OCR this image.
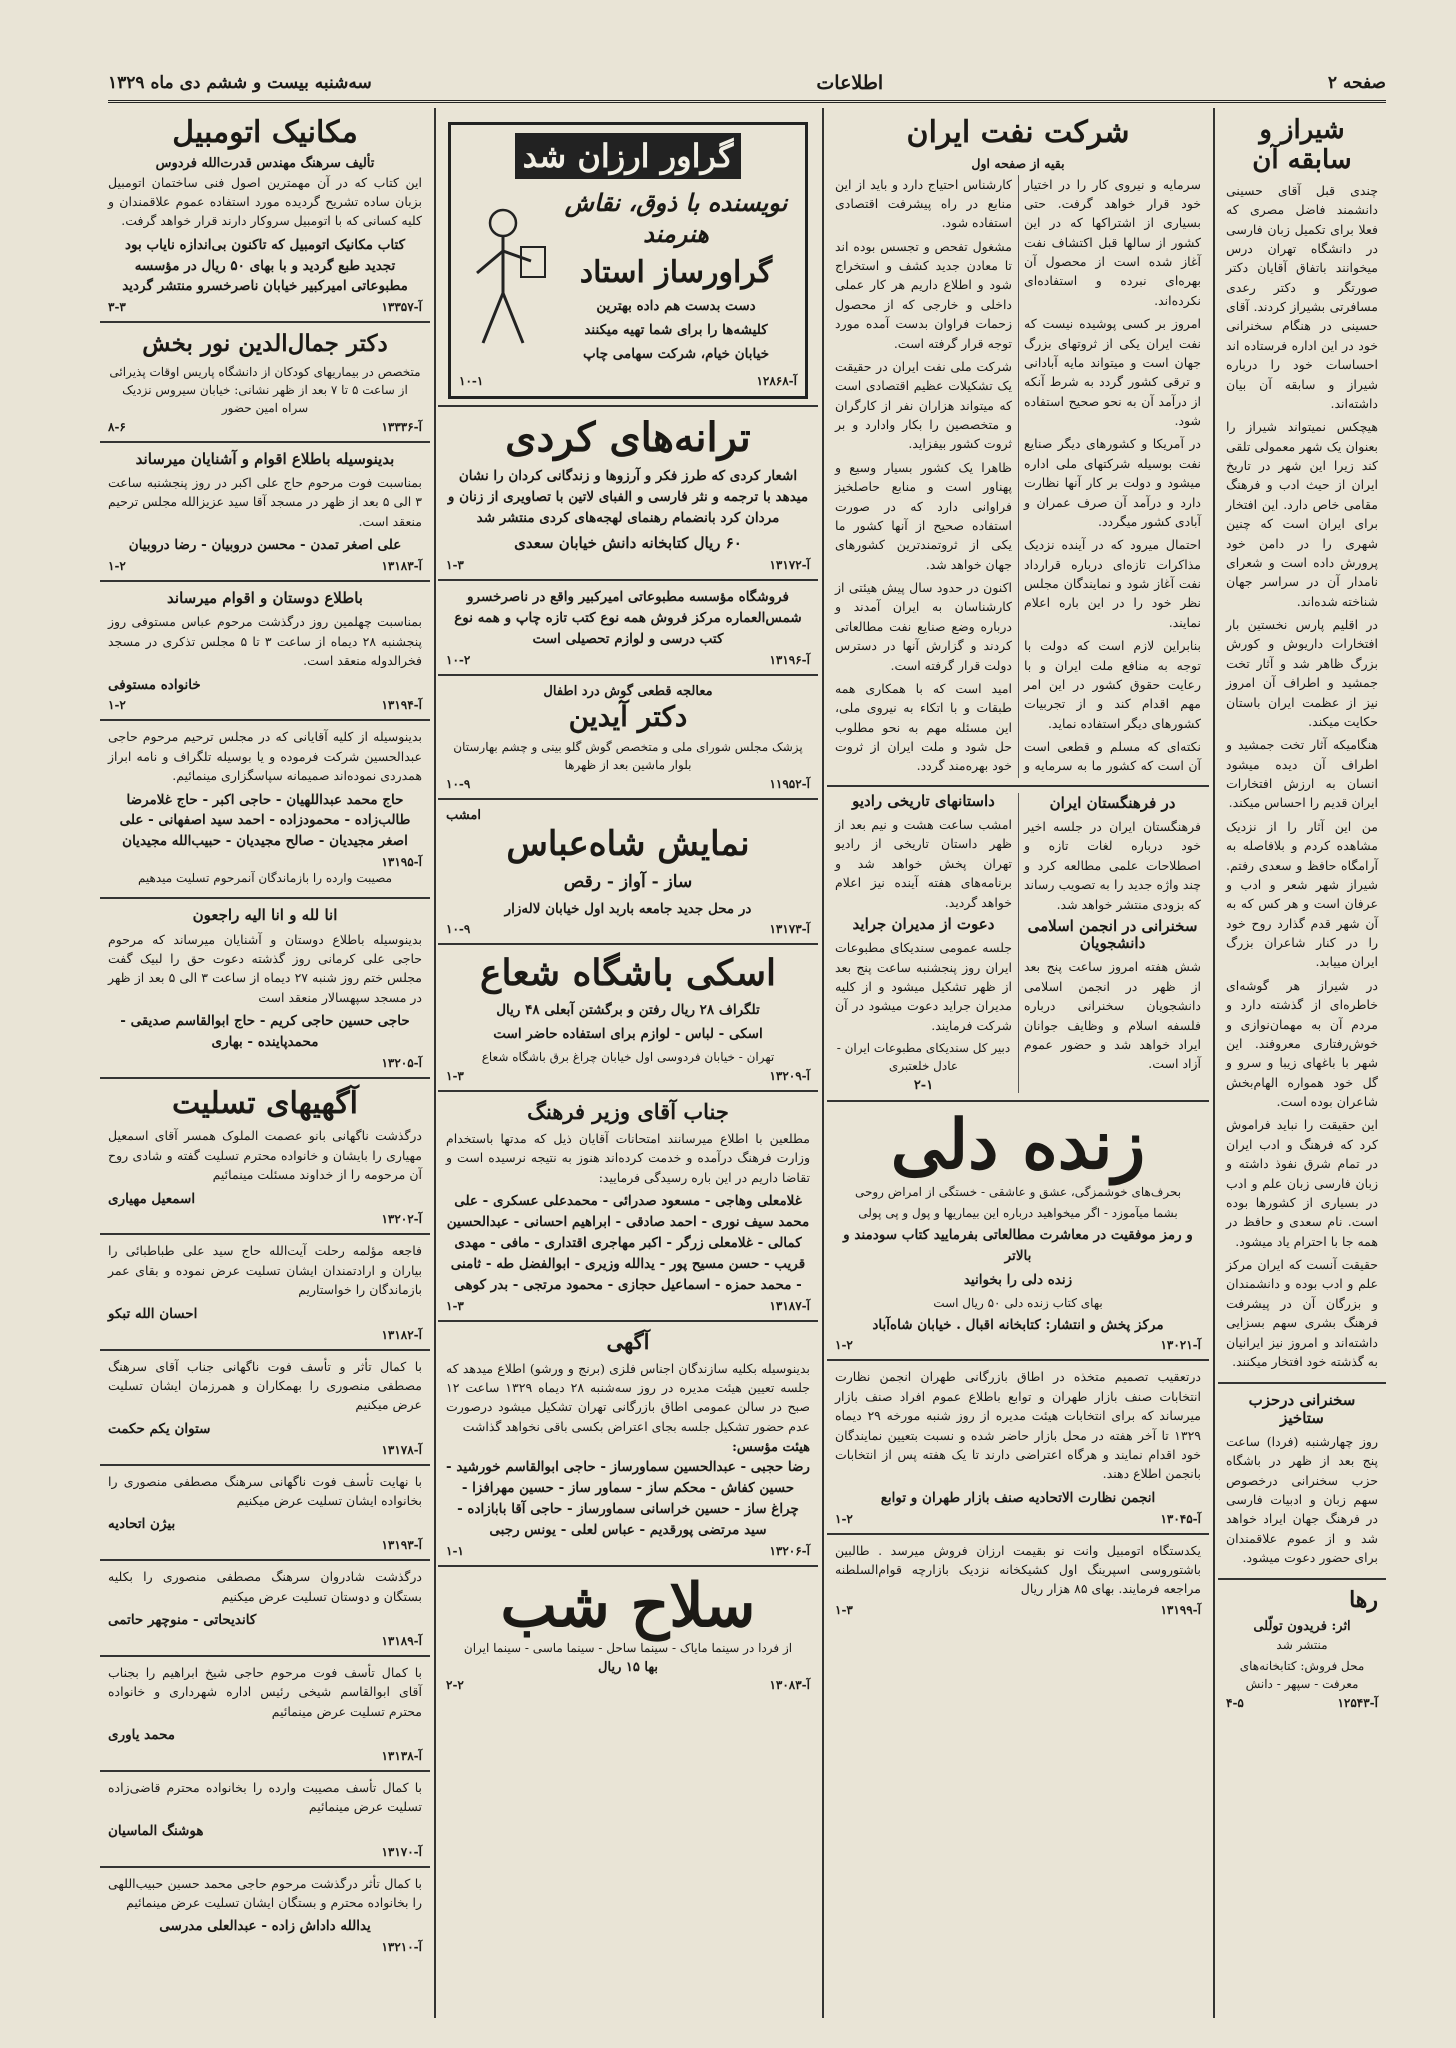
صفحه ۲
اطلاعات
سه‌شنبه بیست و ششم دی ماه ۱۳۲۹
شیراز و سابقه آن

چندی قبل آقای حسینی دانشمند فاضل مصری که فعلا برای تکمیل زبان فارسی در دانشگاه تهران درس میخوانند باتفاق آقایان دکتر صورتگر و دکتر رعدی مسافرتی بشیراز کردند. آقای حسینی در هنگام سخنرانی خود در این اداره فرستاده اند احساسات خود را درباره شیراز و سابقه آن بیان داشته‌اند.

هیچکس نمیتواند شیراز را بعنوان یک شهر معمولی تلقی کند زیرا این شهر در تاریخ ایران از حیث ادب و فرهنگ مقامی خاص دارد. این افتخار برای ایران است که چنین شهری را در دامن خود پرورش داده است و شعرای نامدار آن در سراسر جهان شناخته شده‌اند.

در اقلیم پارس نخستین بار افتخارات داریوش و کورش بزرگ ظاهر شد و آثار تخت جمشید و اطراف آن امروز نیز از عظمت ایران باستان حکایت میکند.

هنگامیکه آثار تخت جمشید و اطراف آن دیده میشود انسان به ارزش افتخارات ایران قدیم را احساس میکند.

من این آثار را از نزدیک مشاهده کردم و بلافاصله به آرامگاه حافظ و سعدی رفتم. شیراز شهر شعر و ادب و عرفان است و هر کس که به آن شهر قدم گذارد روح خود را در کنار شاعران بزرگ ایران مییابد.

در شیراز هر گوشه‌ای خاطره‌ای از گذشته دارد و مردم آن به مهمان‌نوازی و خوش‌رفتاری معروفند. این شهر با باغهای زیبا و سرو و گل خود همواره الهام‌بخش شاعران بوده است.

این حقیقت را نباید فراموش کرد که فرهنگ و ادب ایران در تمام شرق نفوذ داشته و زبان فارسی زبان علم و ادب در بسیاری از کشورها بوده است. نام سعدی و حافظ در همه جا با احترام یاد میشود.

حقیقت آنست که ایران مرکز علم و ادب بوده و دانشمندان و بزرگان آن در پیشرفت فرهنگ بشری سهم بسزایی داشته‌اند و امروز نیز ایرانیان به گذشته خود افتخار میکنند.

سخنرانی درحزب ستاخیز

روز چهارشنبه (فردا) ساعت پنج بعد از ظهر در باشگاه حزب سخنرانی درخصوص سهم زبان و ادبیات فارسی در فرهنگ جهان ایراد خواهد شد و از عموم علاقمندان برای حضور دعوت میشود.

رها
اثر: فریدون تولّلی
منتشر شد
محل فروش: کتابخانه‌های معرفت - سپهر - دانش
آ-۱۲۵۴۳
۴-۵
شرکت نفت ایران
بقیه از صفحه اول

سرمایه و نیروی کار را در اختیار خود قرار خواهد گرفت. حتی بسیاری از اشتراکها که در این کشور از سالها قبل اکتشاف نفت آغاز شده است از محصول آن بهره‌ای نبرده و استفاده‌ای نکرده‌اند.

امروز بر کسی پوشیده نیست که نفت ایران یکی از ثروتهای بزرگ جهان است و میتواند مایه آبادانی و ترقی کشور گردد به شرط آنکه از درآمد آن به نحو صحیح استفاده شود.

در آمریکا و کشورهای دیگر صنایع نفت بوسیله شرکتهای ملی اداره میشود و دولت بر کار آنها نظارت دارد و درآمد آن صرف عمران و آبادی کشور میگردد.

احتمال میرود که در آینده نزدیک مذاکرات تازه‌ای درباره قرارداد نفت آغاز شود و نمایندگان مجلس نظر خود را در این باره اعلام نمایند.

بنابراین لازم است که دولت با توجه به منافع ملت ایران و با رعایت حقوق کشور در این امر مهم اقدام کند و از تجربیات کشورهای دیگر استفاده نماید.

نکته‌ای که مسلم و قطعی است آن است که کشور ما به سرمایه و کارشناس احتیاج دارد و باید از این منابع در راه پیشرفت اقتصادی استفاده شود.

مشغول تفحص و تجسس بوده اند تا معادن جدید کشف و استخراج شود و اطلاع داریم هر کار عملی داخلی و خارجی که از محصول زحمات فراوان بدست آمده مورد توجه قرار گرفته است.

شرکت ملی نفت ایران در حقیقت یک تشکیلات عظیم اقتصادی است که میتواند هزاران نفر از کارگران و متخصصین را بکار وادارد و بر ثروت کشور بیفزاید.

ظاهرا یک کشور بسیار وسیع و پهناور است و منابع حاصلخیز فراوانی دارد که در صورت استفاده صحیح از آنها کشور ما یکی از ثروتمندترین کشورهای جهان خواهد شد.

اکنون در حدود سال پیش هیئتی از کارشناسان به ایران آمدند و درباره وضع صنایع نفت مطالعاتی کردند و گزارش آنها در دسترس دولت قرار گرفته است.

امید است که با همکاری همه طبقات و با اتکاء به نیروی ملی، این مسئله مهم به نحو مطلوب حل شود و ملت ایران از ثروت خود بهره‌مند گردد.

در فرهنگستان ایران

فرهنگستان ایران در جلسه اخیر خود درباره لغات تازه و اصطلاحات علمی مطالعه کرد و چند واژه جدید را به تصویب رساند که بزودی منتشر خواهد شد.

سخنرانی در انجمن اسلامی دانشجویان

شش هفته امروز ساعت پنج بعد از ظهر در انجمن اسلامی دانشجویان سخنرانی درباره فلسفه اسلام و وظایف جوانان ایراد خواهد شد و حضور عموم آزاد است.

داستانهای تاریخی رادیو

امشب ساعت هشت و نیم بعد از ظهر داستان تاریخی از رادیو تهران پخش خواهد شد و برنامه‌های هفته آینده نیز اعلام خواهد گردید.

دعوت از مدیران جراید

جلسه عمومی سندیکای مطبوعات ایران روز پنجشنبه ساعت پنج بعد از ظهر تشکیل میشود و از کلیه مدیران جراید دعوت میشود در آن شرکت فرمایند.

دبیر کل سندیکای مطبوعات ایران - عادل خلعتبری
۲-۱
زنده دلی
بحرف‌های خوشمزگی، عشق و عاشقی - خستگی از امراض روحی
بشما میآموزد - اگر میخواهید درباره این بیماریها و پول و پی پولی
و رمز موفقیت در معاشرت مطالعاتی بفرمایید کتاب سودمند و بالاتر
زنده دلی را بخوانید
بهای کتاب زنده دلی ۵۰ ریال است
مرکز پخش و انتشار: کتابخانه اقبال . خیابان شاه‌آباد
آ-۱۳۰۲۱
۱-۲

درتعقیب تصمیم متخذه در اطاق بازرگانی طهران انجمن نظارت انتخابات صنف بازار طهران و توابع باطلاع عموم افراد صنف بازار میرساند که برای انتخابات هیئت مدیره از روز شنبه مورخه ۲۹ دیماه ۱۳۲۹ تا آخر هفته در محل بازار حاضر شده و نسبت بتعیین نمایندگان خود اقدام نمایند و هرگاه اعتراضی دارند تا یک هفته پس از انتخابات بانجمن اطلاع دهند.

انجمن نظارت الاتحادیه صنف بازار طهران و توابع
آ-۱۳۰۴۵
۱-۲

یکدستگاه اتومبیل وانت نو بقیمت ارزان فروش میرسد . طالبین باشتوروسی اسپرینگ اول کشیکخانه نزدیک بازارچه قوام‌السلطنه مراجعه فرمایند. بهای ۸۵ هزار ریال

آ-۱۳۱۹۹
۱-۳
گراور ارزان شد
نویسنده با ذوق، نقاش هنرمند
گراورساز استاد
دست بدست هم داده بهترین
کلیشه‌ها را برای شما تهیه میکنند
خیابان خیام، شرکت سهامی چاپ
آ-۱۲۸۶۸
۱۰-۱
ترانه‌های کردی
اشعار کردی که طرز فکر و آرزوها و زندگانی کردان را نشان میدهد با ترجمه و نثر فارسی و الفبای لاتین با تصاویری از زنان و مردان کرد بانضمام رهنمای لهجه‌های کردی منتشر شد
۶۰ ریال کتابخانه دانش خیابان سعدی
آ-۱۳۱۷۲
۱-۳
فروشگاه مؤسسه مطبوعاتی امیرکبیر واقع در ناصرخسرو شمس‌العماره مرکز فروش همه نوع کتب تازه چاپ و همه نوع کتب درسی و لوازم تحصیلی است
آ-۱۳۱۹۶
۱۰-۲
معالجه قطعی گوش درد اطفال
دکتر آیدین
پزشک مجلس شورای ملی و متخصص گوش گلو بینی و چشم بهارستان بلوار ماشین بعد از ظهرها
آ-۱۱۹۵۲
۱۰-۹
امشب
نمایش شاه‌عباس
ساز - آواز - رقص
در محل جدید جامعه باربد اول خیابان لاله‌زار
آ-۱۳۱۷۳
۱۰-۹
اسکی باشگاه شعاع
تلگراف ۲۸ ریال رفتن و برگشتن آبعلی ۴۸ ریال
اسکی - لباس - لوازم برای استفاده حاضر است
تهران - خیابان فردوسی اول خیابان چراغ برق باشگاه شعاع
آ-۱۳۲۰۹
۱-۳
جناب آقای وزیر فرهنگ

مطلعین با اطلاع میرسانند امتحانات آقایان ذیل که مدتها باستخدام وزارت فرهنگ درآمده و خدمت کرده‌اند هنوز به نتیجه نرسیده است و تقاضا داریم در این باره رسیدگی فرمایید:

غلامعلی وهاجی - مسعود صدرائی - محمدعلی عسکری - علی محمد سیف نوری - احمد صادقی - ابراهیم احسانی - عبدالحسین کمالی - غلامعلی زرگر - اکبر مهاجری اقتداری - مافی - مهدی قریب - حسن مسیح پور - یدالله وزیری - ابوالفضل طه - ثامنی - محمد حمزه - اسماعیل حجازی - محمود مرتجی - بدر کوهی
آ-۱۳۱۸۷
۱-۳
آگهی

بدینوسیله بکلیه سازندگان اجناس فلزی (برنج و ورشو) اطلاع میدهد که جلسه تعیین هیئت مدیره در روز سه‌شنبه ۲۸ دیماه ۱۳۲۹ ساعت ۱۲ صبح در سالن عمومی اطاق بازرگانی تهران تشکیل میشود درصورت عدم حضور تشکیل جلسه بجای اعتراض بکسی باقی نخواهد گذاشت

هیئت مؤسس:
رضا حجبی - عبدالحسین سماورساز - حاجی ابوالقاسم خورشید - حسین کفاش - محکم ساز - سماور ساز - حسین مهرافزا - چراغ ساز - حسین خراسانی سماورساز - حاجی آقا بابازاده - سید مرتضی پورقدیم - عباس لعلی - یونس رجبی
آ-۱۳۲۰۶
۱-۱
سلاح شب
از فردا در سینما مایاک - سینما ساحل - سینما ماسی - سینما ایران
بها ۱۵ ریال
آ-۱۳۰۸۳
۲-۲
مکانیک اتومبیل
تألیف سرهنگ مهندس قدرت‌الله فردوس

این کتاب که در آن مهمترین اصول فنی ساختمان اتومبیل بزبان ساده تشریح گردیده مورد استفاده عموم علاقمندان و کلیه کسانی که با اتومبیل سروکار دارند قرار خواهد گرفت.

کتاب مکانیک اتومبیل که تاکنون بی‌اندازه نایاب بود تجدید طبع گردید و با بهای ۵۰ ریال در مؤسسه مطبوعاتی امیرکبیر خیابان ناصرخسرو منتشر گردید
آ-۱۳۳۵۷
۳-۳
دکتر جمال‌الدین نور بخش
متخصص در بیماریهای کودکان از دانشگاه پاریس اوقات پذیرائی از ساعت ۵ تا ۷ بعد از ظهر نشانی: خیابان سیروس نزدیک سراه امین حضور
آ-۱۳۳۳۶
۸-۶
بدینوسیله باطلاع اقوام و آشنایان میرساند

بمناسبت فوت مرحوم حاج علی اکبر در روز پنجشنبه ساعت ۳ الی ۵ بعد از ظهر در مسجد آقا سید عزیزالله مجلس ترحیم منعقد است.

علی اصغر تمدن - محسن دروبیان - رضا دروبیان
آ-۱۳۱۸۳
۱-۲
باطلاع دوستان و اقوام میرساند

بمناسبت چهلمین روز درگذشت مرحوم عباس مستوفی روز پنجشنبه ۲۸ دیماه از ساعت ۳ تا ۵ مجلس تذکری در مسجد فخرالدوله منعقد است.

خانواده مستوفی
آ-۱۳۱۹۴
۱-۲

بدینوسیله از کلیه آقایانی که در مجلس ترحیم مرحوم حاجی عبدالحسین شرکت فرموده و یا بوسیله تلگراف و نامه ابراز همدردی نموده‌اند صمیمانه سپاسگزاری مینمائیم.

حاج محمد عبداللهیان - حاجی اکبر - حاج غلامرضا طالب‌زاده - محمودزاده - احمد سید اصفهانی - علی اصغر مجیدیان - صالح مجیدیان - حبیب‌الله مجیدیان
آ-۱۳۱۹۵
مصیبت وارده را بازماندگان آنمرحوم تسلیت میدهیم
انا لله و انا الیه راجعون

بدینوسیله باطلاع دوستان و آشنایان میرساند که مرحوم حاجی علی کرمانی روز گذشته دعوت حق را لبیک گفت مجلس ختم روز شنبه ۲۷ دیماه از ساعت ۳ الی ۵ بعد از ظهر در مسجد سپهسالار منعقد است

حاجی حسین حاجی کریم - حاج ابوالقاسم صدیقی - محمدپاینده - بهاری
آ-۱۳۲۰۵
آگهیهای تسلیت

درگذشت ناگهانی بانو عصمت الملوک همسر آقای اسمعیل مهیاری را بایشان و خانواده محترم تسلیت گفته و شادی روح آن مرحومه را از خداوند مسئلت مینمائیم

اسمعیل مهیاری
آ-۱۳۲۰۲

فاجعه مؤلمه رحلت آیت‌الله حاج سید علی طباطبائی را بیاران و ارادتمندان ایشان تسلیت عرض نموده و بقای عمر بازماندگان را خواستاریم

احسان الله تبکو
آ-۱۳۱۸۲

با کمال تأثر و تأسف فوت ناگهانی جناب آقای سرهنگ مصطفی منصوری را بهمکاران و همرزمان ایشان تسلیت عرض میکنیم

ستوان یکم حکمت
آ-۱۳۱۷۸

با نهایت تأسف فوت ناگهانی سرهنگ مصطفی منصوری را بخانواده ایشان تسلیت عرض میکنیم

بیژن اتحادیه
آ-۱۳۱۹۳

درگذشت شادروان سرهنگ مصطفی منصوری را بکلیه بستگان و دوستان تسلیت عرض میکنیم

کاندیحاتی - منوچهر حاتمی
آ-۱۳۱۸۹

با کمال تأسف فوت مرحوم حاجی شیخ ابراهیم را بجناب آقای ابوالقاسم شیخی رئیس اداره شهرداری و خانواده محترم تسلیت عرض مینمائیم

محمد یاوری
آ-۱۳۱۳۸

با کمال تأسف مصیبت وارده را بخانواده محترم قاضی‌زاده تسلیت عرض مینمائیم

هوشنگ الماسیان
آ-۱۳۱۷۰

با کمال تأثر درگذشت مرحوم حاجی محمد حسین حبیب‌اللهی را بخانواده محترم و بستگان ایشان تسلیت عرض مینمائیم

یدالله داداش زاده - عبدالعلی مدرسی
آ-۱۳۲۱۰
